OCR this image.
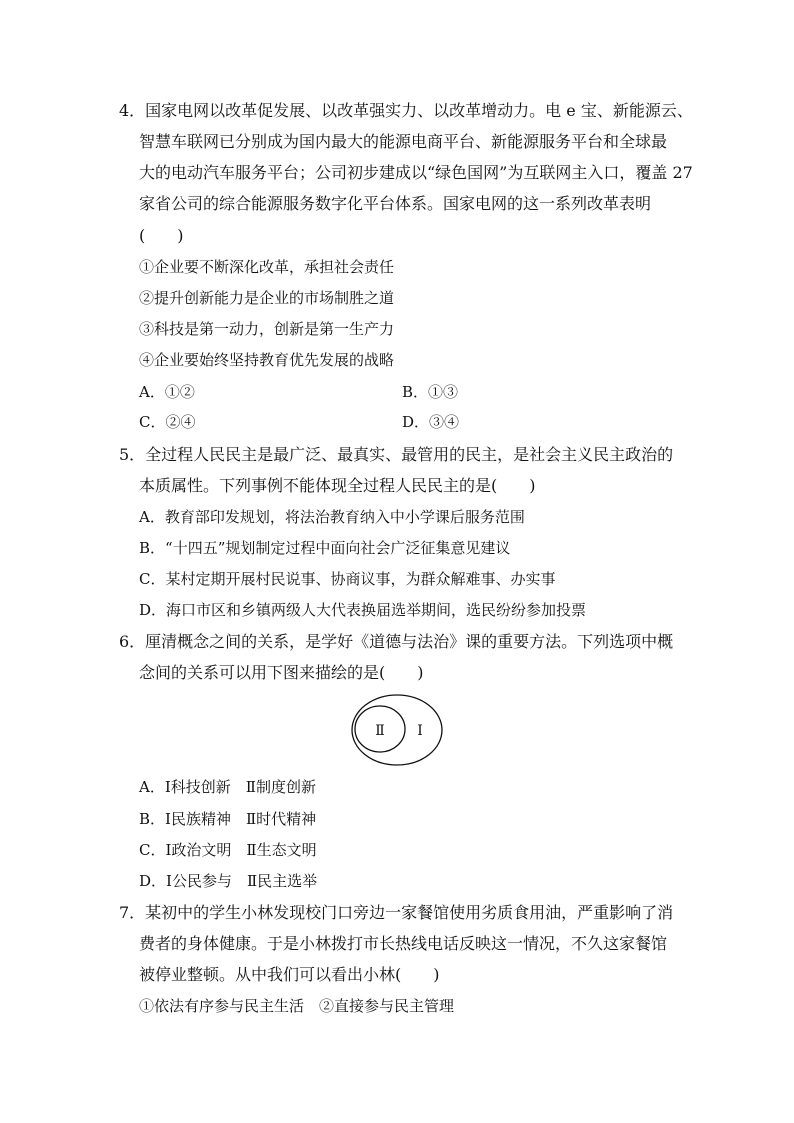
4．国家电网以改革促发展、以改革强实力、以改革增动力。电 e 宝、新能源云、
智慧车联网已分别成为国内最大的能源电商平台、新能源服务平台和全球最
大的电动汽车服务平台；公司初步建成以“绿色国网”为互联网主入口，覆盖 27
家省公司的综合能源服务数字化平台体系。国家电网的这一系列改革表明
(　　)
①企业要不断深化改革，承担社会责任
②提升创新能力是企业的市场制胜之道
③科技是第一动力，创新是第一生产力
④企业要始终坚持教育优先发展的战略
A．①②	B．①③
C．②④	D．③④
5．全过程人民民主是最广泛、最真实、最管用的民主，是社会主义民主政治的
本质属性。下列事例不能体现全过程人民民主的是(　　)
A．教育部印发规划，将法治教育纳入中小学课后服务范围
B．“十四五”规划制定过程中面向社会广泛征集意见建议
C．某村定期开展村民说事、协商议事，为群众解难事、办实事
D．海口市区和乡镇两级人大代表换届选举期间，选民纷纷参加投票
6．厘清概念之间的关系，是学好《道德与法治》课的重要方法。下列选项中概
念间的关系可以用下图来描绘的是(　　)
Ⅱ Ⅰ
A．Ⅰ科技创新　Ⅱ制度创新
B．Ⅰ民族精神　Ⅱ时代精神
C．Ⅰ政治文明　Ⅱ生态文明
D．Ⅰ公民参与　Ⅱ民主选举
7．某初中的学生小林发现校门口旁边一家餐馆使用劣质食用油，严重影响了消
费者的身体健康。于是小林拨打市长热线电话反映这一情况，不久这家餐馆
被停业整顿。从中我们可以看出小林(　　)
①依法有序参与民主生活　②直接参与民主管理
